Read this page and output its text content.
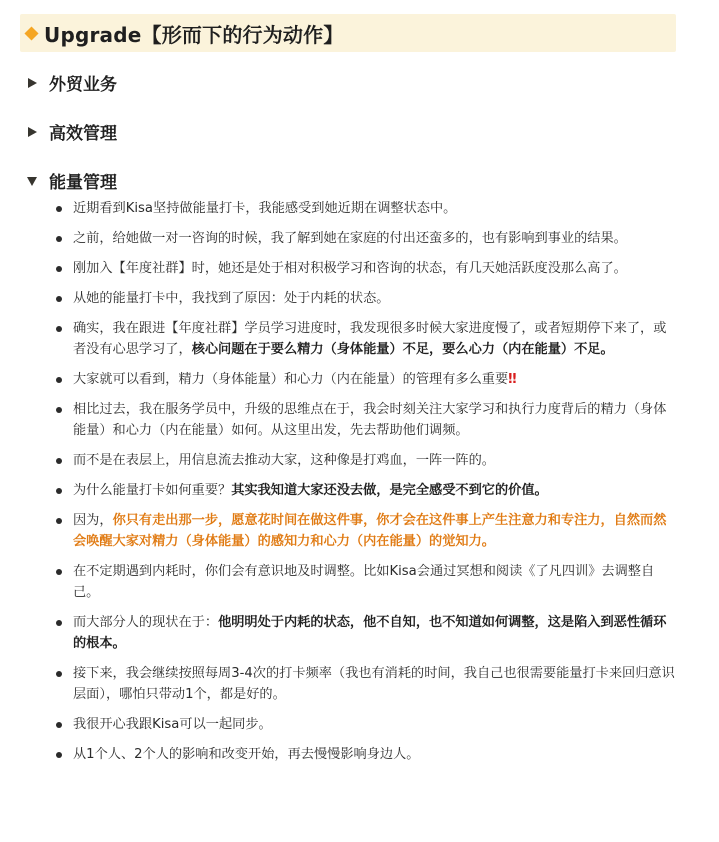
Upgrade【形而下的行为动作】
外贸业务
高效管理
能量管理
近期看到Kisa坚持做能量打卡，我能感受到她近期在调整状态中。
之前，给她做一对一咨询的时候，我了解到她在家庭的付出还蛮多的，也有影响到事业的结果。
刚加入【年度社群】时，她还是处于相对积极学习和咨询的状态，有几天她活跃度没那么高了。
从她的能量打卡中，我找到了原因：处于内耗的状态。
确实，我在跟进【年度社群】学员学习进度时，我发现很多时候大家进度慢了，或者短期停下来了，或者没有心思学习了，核心问题在于要么精力（身体能量）不足，要么心力（内在能量）不足。
大家就可以看到，精力（身体能量）和心力（内在能量）的管理有多么重要‼
相比过去，我在服务学员中，升级的思维点在于，我会时刻关注大家学习和执行力度背后的精力（身体能量）和心力（内在能量）如何。从这里出发，先去帮助他们调频。
而不是在表层上，用信息流去推动大家，这种像是打鸡血，一阵一阵的。
为什么能量打卡如何重要？其实我知道大家还没去做，是完全感受不到它的价值。
因为，你只有走出那一步，愿意花时间在做这件事，你才会在这件事上产生注意力和专注力，自然而然会唤醒大家对精力（身体能量）的感知力和心力（内在能量）的觉知力。
在不定期遇到内耗时，你们会有意识地及时调整。比如Kisa会通过冥想和阅读《了凡四训》去调整自己。
而大部分人的现状在于：他明明处于内耗的状态，他不自知，也不知道如何调整，这是陷入到恶性循环的根本。
接下来，我会继续按照每周3-4次的打卡频率（我也有消耗的时间，我自己也很需要能量打卡来回归意识层面），哪怕只带动1个，都是好的。
我很开心我跟Kisa可以一起同步。
从1个人、2个人的影响和改变开始，再去慢慢影响身边人。
